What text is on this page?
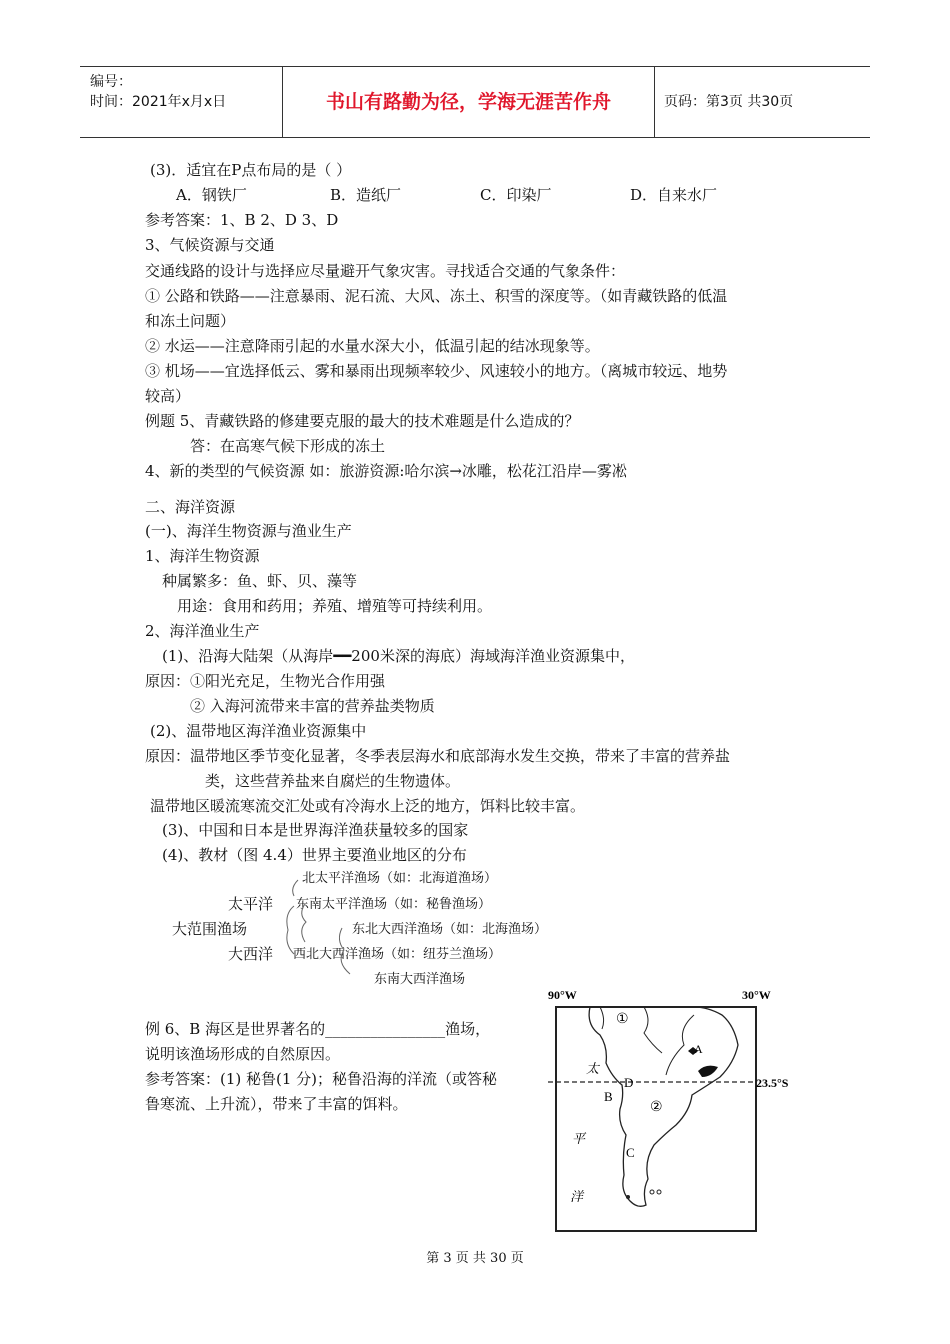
编号：
时间：2021年x月x日	书山有路勤为径，学海无涯苦作舟	页码：第3页 共30页
(3)．适宜在P点布局的是（ ）
A．钢铁厂	B．造纸厂	C．印染厂	D．自来水厂
参考答案：1、B 2、D 3、D
3、气候资源与交通
交通线路的设计与选择应尽量避开气象灾害。寻找适合交通的气象条件：
① 公路和铁路——注意暴雨、泥石流、大风、冻土、积雪的深度等。（如青藏铁路的低温
和冻土问题）
② 水运——注意降雨引起的水量水深大小，低温引起的结冰现象等。
③ 机场——宜选择低云、雾和暴雨出现频率较少、风速较小的地方。（离城市较远、地势
较高）
例题 5、青藏铁路的修建要克服的最大的技术难题是什么造成的？
答：在高寒气候下形成的冻土
4、新的类型的气候资源 如：旅游资源:哈尔滨→冰雕，松花江沿岸—雾凇
二、海洋资源
(一)、海洋生物资源与渔业生产
1、海洋生物资源
种属繁多：鱼、虾、贝、藻等
用途：食用和药用；养殖、增殖等可持续利用。
2、海洋渔业生产
(1)、沿海大陆架（从海岸━━200米深的海底）海域海洋渔业资源集中，
原因：①阳光充足，生物光合作用强
② 入海河流带来丰富的营养盐类物质
(2)、温带地区海洋渔业资源集中
原因：温带地区季节变化显著，冬季表层海水和底部海水发生交换，带来了丰富的营养盐
类，这些营养盐来自腐烂的生物遗体。
温带地区暖流寒流交汇处或有冷海水上泛的地方，饵料比较丰富。
(3)、中国和日本是世界海洋渔获量较多的国家
(4)、教材（图 4.4）世界主要渔业地区的分布
北太平洋渔场（如：北海道渔场）
太平洋 东南太平洋渔场（如：秘鲁渔场）
大范围渔场	东北大西洋渔场（如：北海渔场）
大西洋 西北大西洋渔场（如：纽芬兰渔场）
东南大西洋渔场
例 6、B 海区是世界著名的________________渔场，
说明该渔场形成的自然原因。
参考答案：(1) 秘鲁(1 分)；秘鲁沿海的洋流（或答秘
鲁寒流、上升流），带来了丰富的饵料。
90°W	30°W
23.5°S
①
②
A
B
D
C
太
平
洋
第 3 页 共 30 页
